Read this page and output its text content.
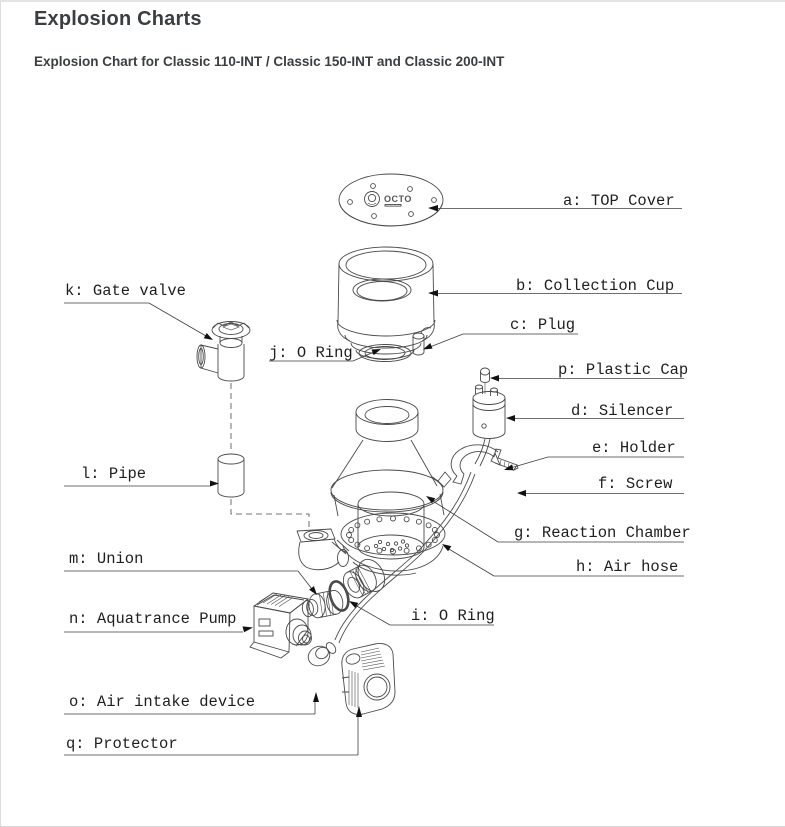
Explosion Charts
Explosion Chart for Classic 110-INT / Classic 150-INT and Classic 200-INT
OCTO	a: TOP Cover
b: Collection Cup
c: Plug
j: O Ring
p: Plastic Cap
d: Silencer
e: Holder
f: Screw
g: Reaction Chamber
h: Air hose
i: O Ring
k: Gate valve
l: Pipe
m: Union
n: Aquatrance Pump
o: Air intake device
q: Protector
